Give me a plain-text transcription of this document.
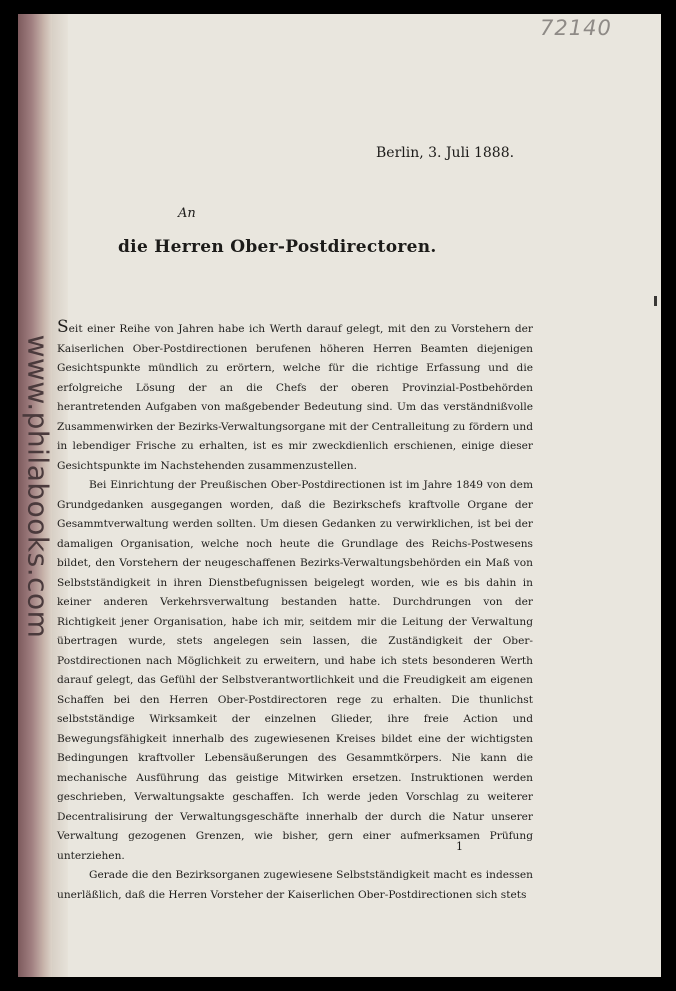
www.philabooks.com
72140
Berlin, 3. Juli 1888.
An
die Herren Ober-Postdirectoren.

Seit einer Reihe von Jahren habe ich Werth darauf gelegt, mit den zu Vorstehern der Kaiserlichen Ober-Postdirectionen berufenen höheren Herren Beamten diejenigen Gesichtspunkte mündlich zu erörtern, welche für die richtige Erfassung und die erfolgreiche Lösung der an die Chefs der oberen Provinzial-Postbehörden herantretenden Aufgaben von maßgebender Bedeutung sind. Um das verständnißvolle Zusammenwirken der Bezirks-Verwaltungsorgane mit der Centralleitung zu fördern und in lebendiger Frische zu erhalten, ist es mir zweckdienlich erschienen, einige dieser Gesichtspunkte im Nachstehenden zusammenzustellen.

Bei Einrichtung der Preußischen Ober-Postdirectionen ist im Jahre 1849 von dem Grundgedanken ausgegangen worden, daß die Bezirkschefs kraftvolle Organe der Gesammtverwaltung werden sollten. Um diesen Gedanken zu verwirklichen, ist bei der damaligen Organisation, welche noch heute die Grundlage des Reichs-Postwesens bildet, den Vorstehern der neugeschaffenen Bezirks-Verwaltungsbehörden ein Maß von Selbstständigkeit in ihren Dienstbefugnissen beigelegt worden, wie es bis dahin in keiner anderen Verkehrsverwaltung bestanden hatte. Durchdrungen von der Richtigkeit jener Organisation, habe ich mir, seitdem mir die Leitung der Verwaltung übertragen wurde, stets angelegen sein lassen, die Zuständigkeit der Ober-Postdirectionen nach Möglichkeit zu erweitern, und habe ich stets besonderen Werth darauf gelegt, das Gefühl der Selbstverantwortlichkeit und die Freudigkeit am eigenen Schaffen bei den Herren Ober-Postdirectoren rege zu erhalten. Die thunlichst selbstständige Wirksamkeit der einzelnen Glieder, ihre freie Action und Bewegungsfähigkeit innerhalb des zugewiesenen Kreises bildet eine der wichtigsten Bedingungen kraftvoller Lebensäußerungen des Gesammtkörpers. Nie kann die mechanische Ausführung das geistige Mitwirken ersetzen. Instruktionen werden geschrieben, Verwaltungsakte geschaffen. Ich werde jeden Vorschlag zu weiterer Decentralisirung der Verwaltungsgeschäfte innerhalb der durch die Natur unserer Verwaltung gezogenen Grenzen, wie bisher, gern einer aufmerksamen Prüfung unterziehen.

Gerade die den Bezirksorganen zugewiesene Selbstständigkeit macht es indessen unerläßlich, daß die Herren Vorsteher der Kaiserlichen Ober-Postdirectionen sich stets

1
